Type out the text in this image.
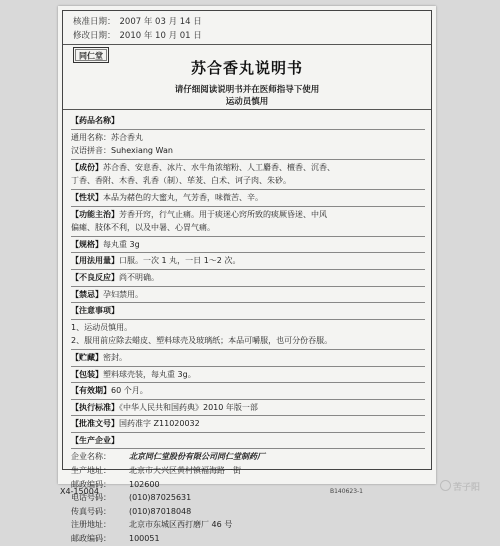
核准日期： 2007 年 03 月 14 日
修改日期： 2010 年 10 月 01 日
同仁堂
苏合香丸说明书
请仔细阅读说明书并在医师指导下使用
运动员慎用
【药品名称】
通用名称：苏合香丸
汉语拼音：Suhexiang Wan
【成份】苏合香、安息香、冰片、水牛角浓缩粉、人工麝香、檀香、沉香、
丁香、香附、木香、乳香（制）、荜茇、白术、诃子肉、朱砂。
【性状】本品为赭色的大蜜丸，气芳香，味微苦、辛。
【功能主治】芳香开窍，行气止痛。用于痰迷心窍所致的痰厥昏迷、中风
偏瘫、肢体不利，以及中暑、心胃气痛。
【规格】每丸重 3g
【用法用量】口服。一次 1 丸，一日 1～2 次。
【不良反应】尚不明确。
【禁忌】孕妇禁用。
【注意事项】
1、运动员慎用。
2、服用前应除去蜡皮、塑料球壳及玻璃纸；本品可嚼服，也可分份吞服。
【贮藏】密封。
【包装】塑料球壳装，每丸重 3g。
【有效期】60 个月。
【执行标准】《中华人民共和国药典》2010 年版一部
【批准文号】国药准字 Z11020032
【生产企业】
企业名称： 北京同仁堂股份有限公司同仁堂制药厂
生产地址： 北京市大兴区黄村镇福海路一街
邮政编码： 102600
电话号码： (010)87025631
传真号码： (010)87018048
注册地址： 北京市东城区西打磨厂 46 号
邮政编码： 100051
X4-15004	B140623-1	苦子阳
